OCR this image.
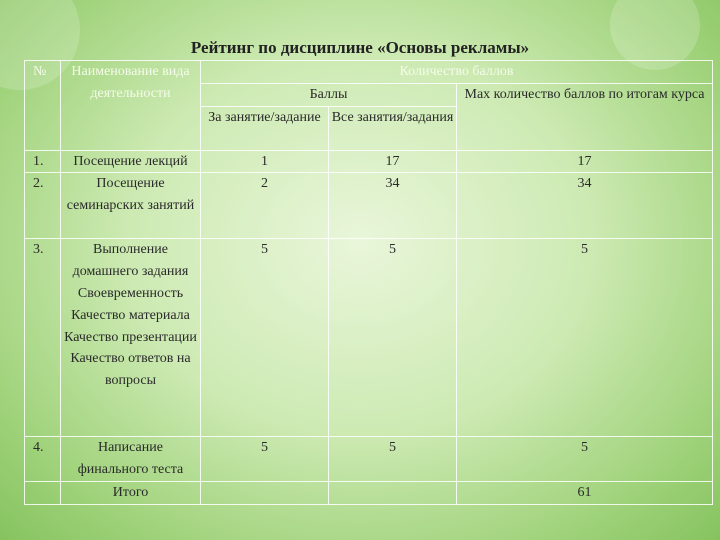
Рейтинг по дисциплине «Основы рекламы»
№	Наименование вида деятельности	Количество баллов		
		Баллы		Max количество баллов по итогам курса
		За занятие/задание	Все занятия/задания	
1.	Посещение лекций	1	17	17
2.	Посещение семинарских занятий	2	34	34
3.	Выполнение домашнего задания Своевременность Качество материала Качество презентации Качество ответов на вопросы	5	5	5
4.	Написание финального теста	5	5	5
	Итого			61
